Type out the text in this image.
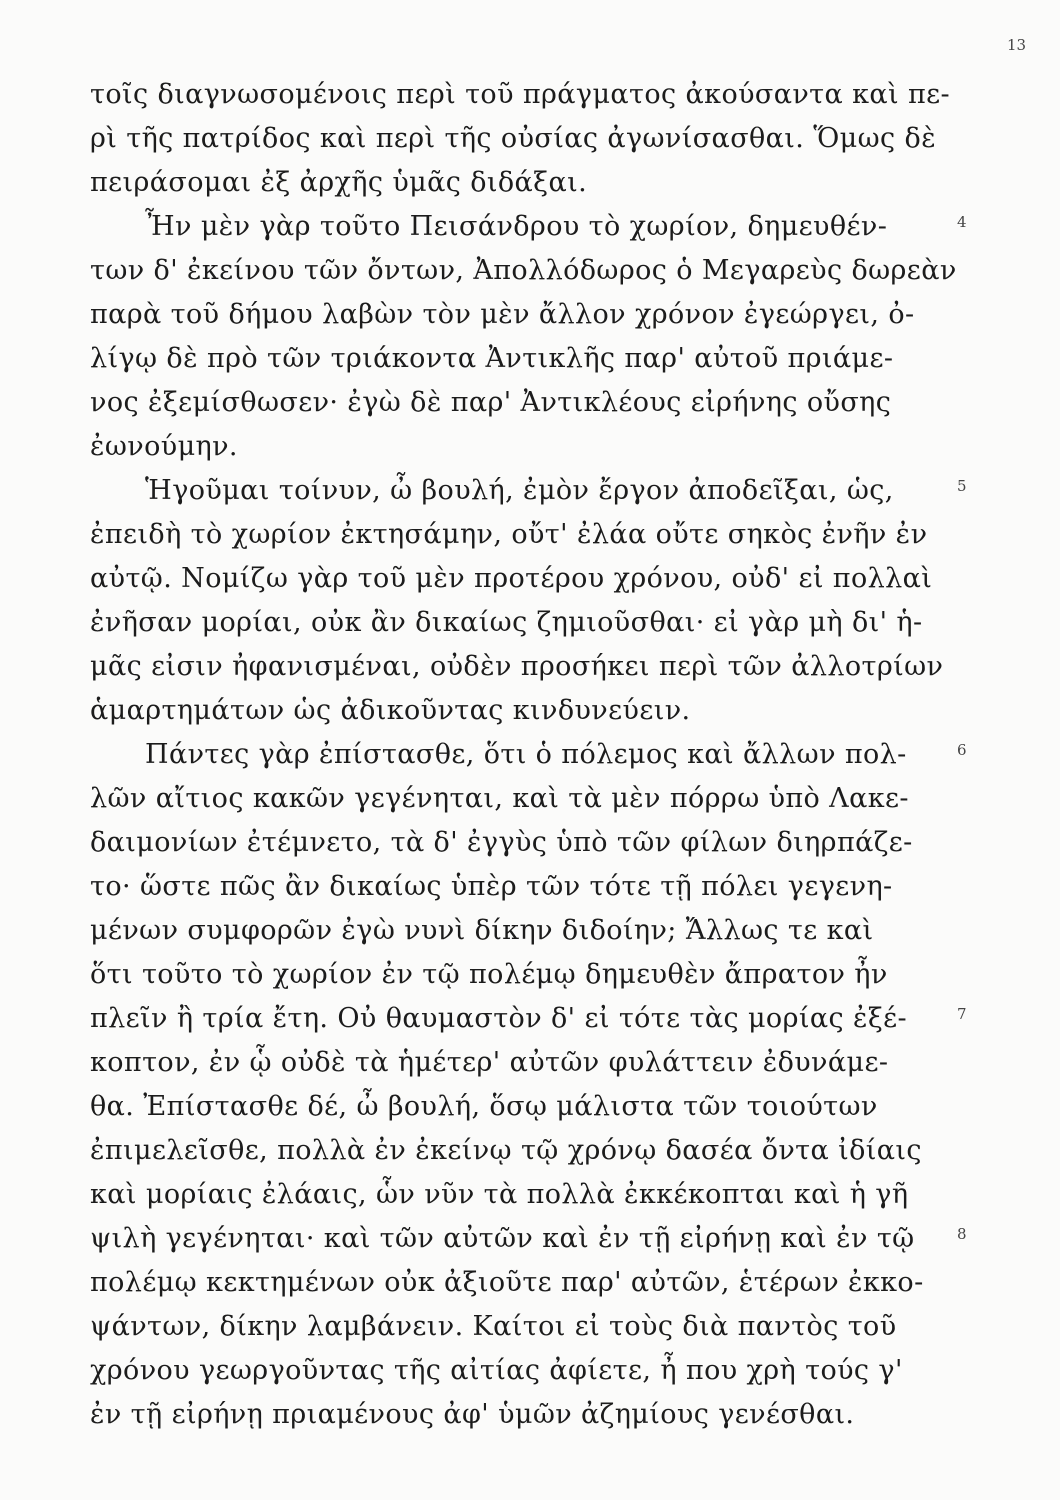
13
τοῖς διαγνωσομένοις περὶ τοῦ πράγματος ἀκούσαντα καὶ πε-
ρὶ τῆς πατρίδος καὶ περὶ τῆς οὐσίας ἀγωνίσασθαι. Ὅμως δὲ
πειράσομαι ἐξ ἀρχῆς ὑμᾶς διδάξαι.
Ἦν μὲν γὰρ τοῦτο Πεισάνδρου τὸ χωρίον, δημευθέν-
των δ' ἐκείνου τῶν ὄντων, Ἀπολλόδωρος ὁ Μεγαρεὺς δωρεὰν
παρὰ τοῦ δήμου λαβὼν τὸν μὲν ἄλλον χρόνον ἐγεώργει, ὀ-
λίγῳ δὲ πρὸ τῶν τριάκοντα Ἀντικλῆς παρ' αὐτοῦ πριάμε-
νος ἐξεμίσθωσεν· ἐγὼ δὲ παρ' Ἀντικλέους εἰρήνης οὔσης
ἐωνούμην.
Ἡγοῦμαι τοίνυν, ὦ βουλή, ἐμὸν ἔργον ἀποδεῖξαι, ὡς,
ἐπειδὴ τὸ χωρίον ἐκτησάμην, οὔτ' ἐλάα οὔτε σηκὸς ἐνῆν ἐν
αὐτῷ. Νομίζω γὰρ τοῦ μὲν προτέρου χρόνου, οὐδ' εἰ πολλαὶ
ἐνῆσαν μορίαι, οὐκ ἂν δικαίως ζημιοῦσθαι· εἰ γὰρ μὴ δι' ἡ-
μᾶς εἰσιν ἠφανισμέναι, οὐδὲν προσήκει περὶ τῶν ἀλλοτρίων
ἁμαρτημάτων ὡς ἀδικοῦντας κινδυνεύειν.
Πάντες γὰρ ἐπίστασθε, ὅτι ὁ πόλεμος καὶ ἄλλων πολ-
λῶν αἴτιος κακῶν γεγένηται, καὶ τὰ μὲν πόρρω ὑπὸ Λακε-
δαιμονίων ἐτέμνετο, τὰ δ' ἐγγὺς ὑπὸ τῶν φίλων διηρπάζε-
το· ὥστε πῶς ἂν δικαίως ὑπὲρ τῶν τότε τῇ πόλει γεγενη-
μένων συμφορῶν ἐγὼ νυνὶ δίκην διδοίην; Ἄλλως τε καὶ
ὅτι τοῦτο τὸ χωρίον ἐν τῷ πολέμῳ δημευθὲν ἄπρατον ἦν
πλεῖν ἢ τρία ἔτη. Οὐ θαυμαστὸν δ' εἰ τότε τὰς μορίας ἐξέ-
κοπτον, ἐν ᾧ οὐδὲ τὰ ἡμέτερ' αὐτῶν φυλάττειν ἐδυνάμε-
θα. Ἐπίστασθε δέ, ὦ βουλή, ὅσῳ μάλιστα τῶν τοιούτων
ἐπιμελεῖσθε, πολλὰ ἐν ἐκείνῳ τῷ χρόνῳ δασέα ὄντα ἰδίαις
καὶ μορίαις ἐλάαις, ὧν νῦν τὰ πολλὰ ἐκκέκοπται καὶ ἡ γῆ
ψιλὴ γεγένηται· καὶ τῶν αὐτῶν καὶ ἐν τῇ εἰρήνῃ καὶ ἐν τῷ
πολέμῳ κεκτημένων οὐκ ἀξιοῦτε παρ' αὐτῶν, ἑτέρων ἐκκο-
ψάντων, δίκην λαμβάνειν. Καίτοι εἰ τοὺς διὰ παντὸς τοῦ
χρόνου γεωργοῦντας τῆς αἰτίας ἀφίετε, ἦ που χρὴ τούς γ'
ἐν τῇ εἰρήνῃ πριαμένους ἀφ' ὑμῶν ἀζημίους γενέσθαι.
4
5
6
7
8
